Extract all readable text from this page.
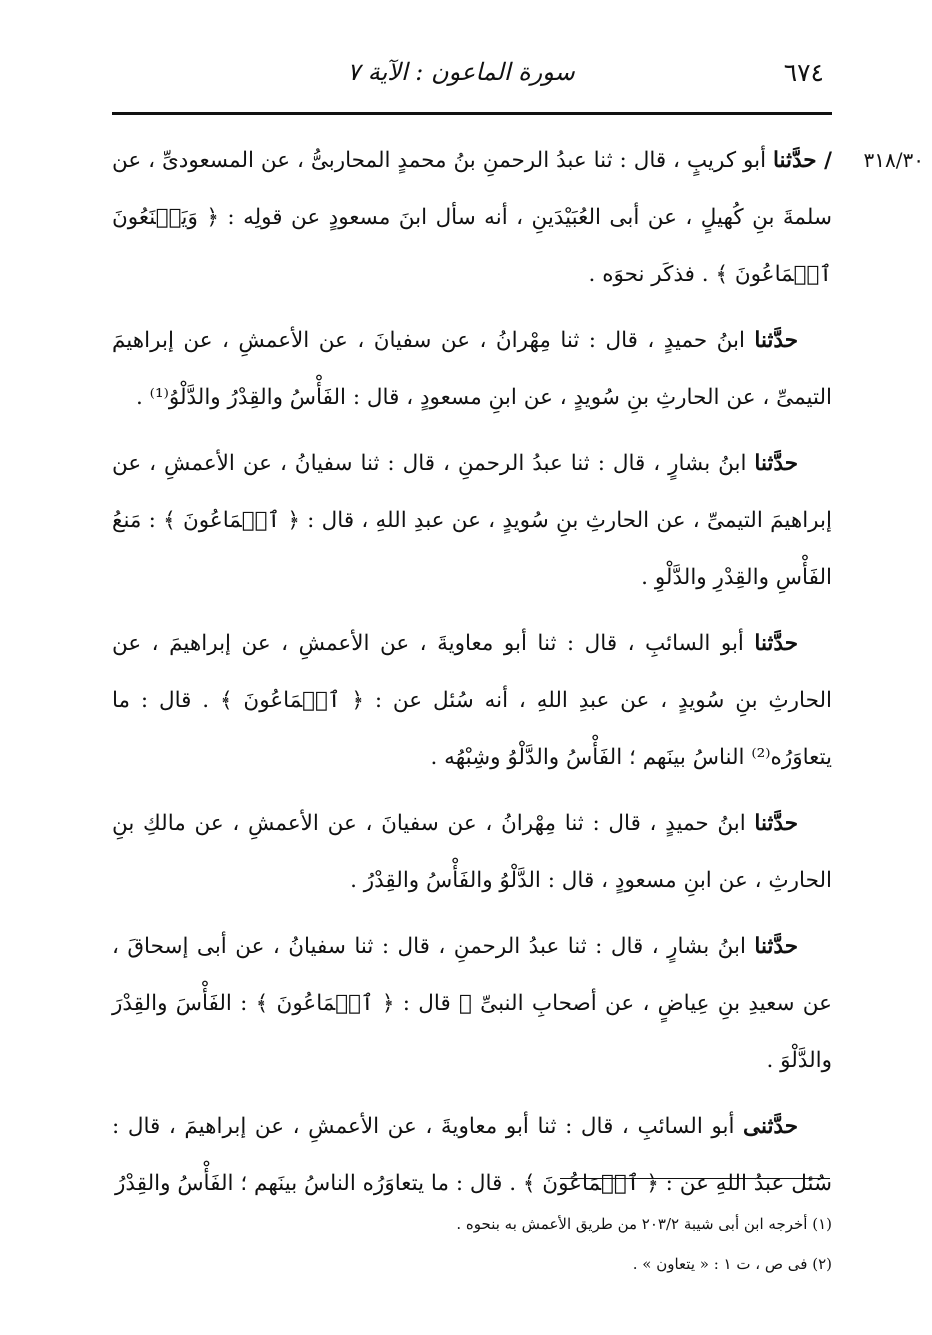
٦٧٤
سورة الماعون : الآية ٧

٣١٨/٣٠
/ حدَّثنا أبو كريبٍ ، قال : ثنا عبدُ الرحمنِ بنُ محمدٍ المحاربىُّ ، عن المسعودىِّ ، عن سلمةَ بنِ كُهيلٍ ، عن أبى العُبَيْدَينِ ، أنه سأل ابنَ مسعودٍ عن قولِه : ﴿ وَيَمۡنَعُونَ ٱلۡمَاعُونَ ﴾ . فذكَر نحوَه .

حدَّثنا ابنُ حميدٍ ، قال : ثنا مِهْرانُ ، عن سفيانَ ، عن الأعمشِ ، عن إبراهيمَ التيمىِّ ، عن الحارثِ بنِ سُويدٍ ، عن ابنِ مسعودٍ ، قال : الفَأْسُ والقِدْرُ والدَّلْوُ⁽¹⁾ .

حدَّثنا ابنُ بشارٍ ، قال : ثنا عبدُ الرحمنِ ، قال : ثنا سفيانُ ، عن الأعمشِ ، عن إبراهيمَ التيمىِّ ، عن الحارثِ بنِ سُويدٍ ، عن عبدِ اللهِ ، قال : ﴿ ٱلۡمَاعُونَ ﴾ : مَنعُ الفَأْسِ والقِدْرِ والدَّلْوِ .

حدَّثنا أبو السائبِ ، قال : ثنا أبو معاويةَ ، عن الأعمشِ ، عن إبراهيمَ ، عن الحارثِ بنِ سُويدٍ ، عن عبدِ اللهِ ، أنه سُئل عن : ﴿ ٱلۡمَاعُونَ ﴾ . قال : ما يتعاوَرُه⁽²⁾ الناسُ بينَهم ؛ الفَأْسُ والدَّلْوُ وشِبْهُه .

حدَّثنا ابنُ حميدٍ ، قال : ثنا مِهْرانُ ، عن سفيانَ ، عن الأعمشِ ، عن مالكِ بنِ الحارثِ ، عن ابنِ مسعودٍ ، قال : الدَّلْوُ والفَأْسُ والقِدْرُ .

حدَّثنا ابنُ بشارٍ ، قال : ثنا عبدُ الرحمنِ ، قال : ثنا سفيانُ ، عن أبى إسحاقَ ، عن سعيدِ بنِ عِياضٍ ، عن أصحابِ النبىِّ ﷺ قال : ﴿ ٱلۡمَاعُونَ ﴾ : الفَأْسَ والقِدْرَ والدَّلْوَ .

حدَّثنى أبو السائبِ ، قال : ثنا أبو معاويةَ ، عن الأعمشِ ، عن إبراهيمَ ، قال : سُئل عبدُ اللهِ عن : ﴿ ٱلۡمَاعُونَ ﴾ . قال : ما يتعاوَرُه الناسُ بينَهم ؛ الفَأْسُ والقِدْرُ

(١) أخرجه ابن أبى شيبة ٢٠٣/٢ من طريق الأعمش به بنحوه .

(٢) فى ص ، ت ١ : « يتعاون » .
